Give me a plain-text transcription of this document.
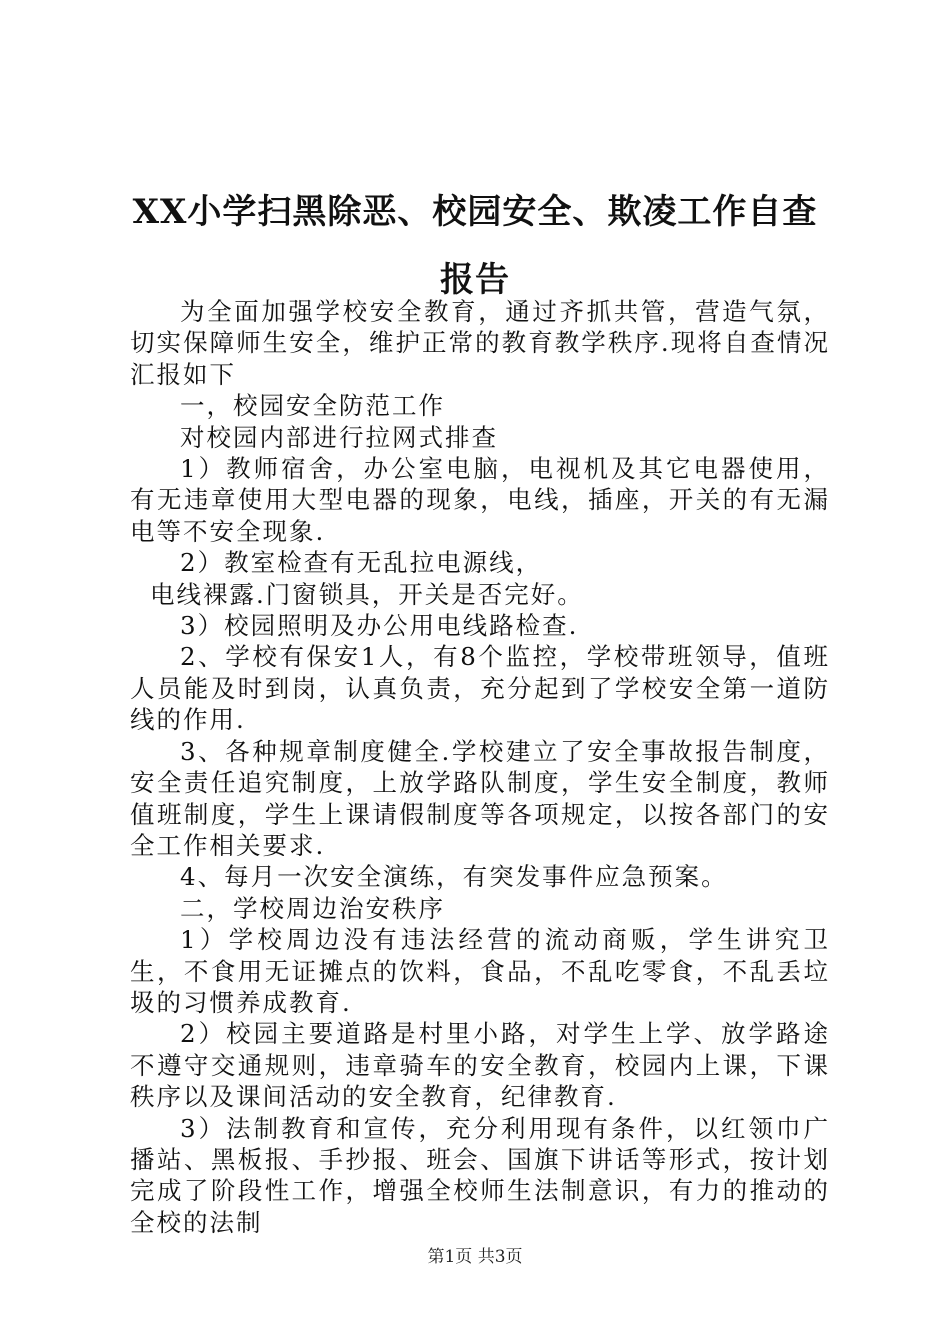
XX小学扫黑除恶、校园安全、欺凌工作自查报告

为全面加强学校安全教育，通过齐抓共管，营造气氛，切实保障师生安全，维护正常的教育教学秩序.现将自查情况汇报如下

一，校园安全防范工作

对校园内部进行拉网式排查

1）教师宿舍，办公室电脑，电视机及其它电器使用，有无违章使用大型电器的现象，电线，插座，开关的有无漏电等不安全现象.

2）教室检查有无乱拉电源线，

电线裸露.门窗锁具，开关是否完好。

3）校园照明及办公用电线路检查.

2、学校有保安1人，有8个监控，学校带班领导，值班人员能及时到岗，认真负责，充分起到了学校安全第一道防线的作用.

3、各种规章制度健全.学校建立了安全事故报告制度，安全责任追究制度，上放学路队制度，学生安全制度，教师值班制度，学生上课请假制度等各项规定，以按各部门的安全工作相关要求.

4、每月一次安全演练，有突发事件应急预案。

二，学校周边治安秩序

1）学校周边没有违法经营的流动商贩，学生讲究卫生，不食用无证摊点的饮料，食品，不乱吃零食，不乱丢垃圾的习惯养成教育.

2）校园主要道路是村里小路，对学生上学、放学路途不遵守交通规则，违章骑车的安全教育，校园内上课，下课秩序以及课间活动的安全教育，纪律教育.

3）法制教育和宣传，充分利用现有条件，以红领巾广播站、黑板报、手抄报、班会、国旗下讲话等形式，按计划完成了阶段性工作，增强全校师生法制意识，有力的推动的全校的法制

第1页 共3页
